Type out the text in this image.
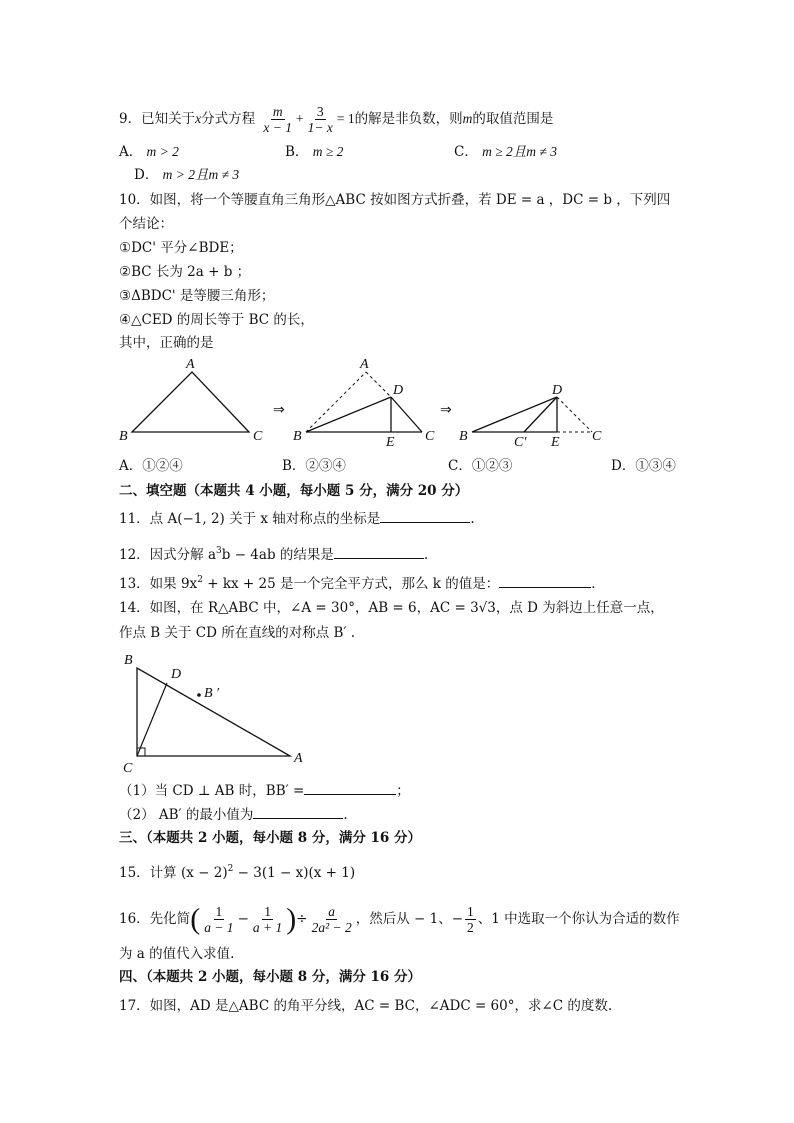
9．已知关于x分式方程 $\frac{m}{x - 1} + \frac{3}{1- x} = 1$的解是非负数，则m的取值范围是
A． m > 2	B． m ≥ 2	C． m ≥ 2且m ≠ 3
D． m > 2且m ≠ 3
10．如图，将一个等腰直角三角形△ABC 按如图方式折叠，若 DE = a ，DC = b ，下列四
个结论：
①DC' 平分∠BDE；
②BC 长为 2a + b ；
③ΔBDC' 是等腰三角形；
④△CED 的周长等于 BC 的长，
其中，正确的是
A
B	C
⇒
A
D
B	E C
⇒
D
B	C′ E C
A．①②④	B．②③④	C．①②③	D．①③④
二、填空题（本题共 4 小题，每小题 5 分，满分 20 分）
11．点 A(−1, 2) 关于 x 轴对称点的坐标是	.
12．因式分解 $a^3b - 4ab$ 的结果是	.
13．如果 $9x^2$ + kx + 25 是一个完全平方式，那么 k 的值是：	.
14．如图，在 R△ABC 中，∠A = 30°，AB = 6，AC = 3√3，点 D 为斜边上任意一点，
作点 B 关于 CD 所在直线的对称点 B′ .
B
D
B ′
C
A
（1）当 CD ⊥ AB 时，BB′ =	；
（2） AB′ 的最小值为	.
三、（本题共 2 小题，每小题 8 分，满分 16 分）
15．计算 $(x - 2)^2 - 3(1 - x)(x + 1)$
16．先化简( $\frac{1}{a - 1} - \frac{1}{a + 1}$ )÷ $\frac{a}{\text{2a² − 2}}$ ，然后从 − 1、− $\frac{1}{2}$ 、1 中选取一个你认为合适的数作
为 a 的值代入求值.
四、（本题共 2 小题，每小题 8 分，满分 16 分）
17．如图，AD 是△ABC 的角平分线，AC = BC，∠ADC = 60°，求∠C 的度数.
